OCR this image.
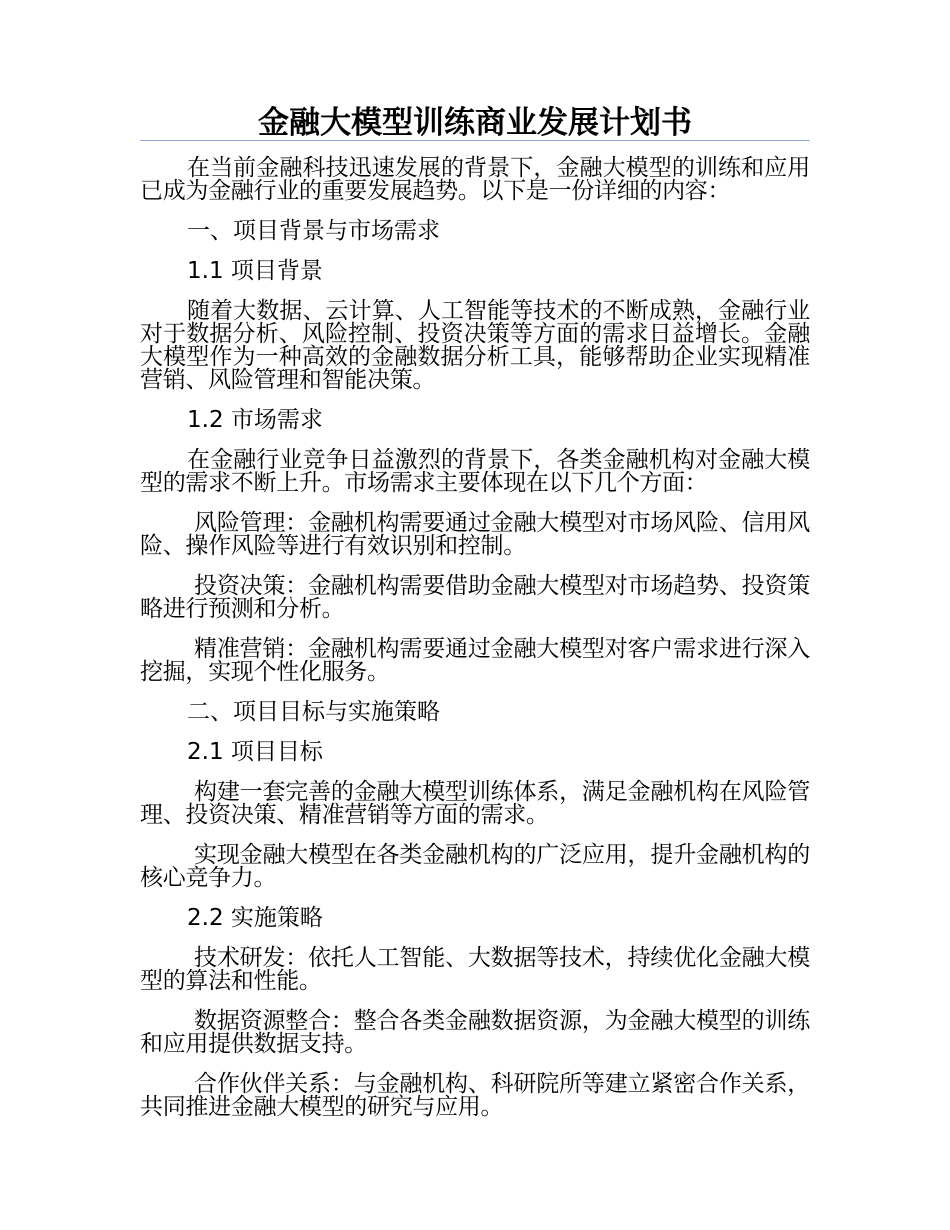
金融大模型训练商业发展计划书

在当前金融科技迅速发展的背景下，金融大模型的训练和应用已成为金融行业的重要发展趋势。以下是一份详细的内容：

一、项目背景与市场需求
1.1 项目背景

随着大数据、云计算、人工智能等技术的不断成熟，金融行业对于数据分析、风险控制、投资决策等方面的需求日益增长。金融大模型作为一种高效的金融数据分析工具，能够帮助企业实现精准营销、风险管理和智能决策。

1.2 市场需求

在金融行业竞争日益激烈的背景下，各类金融机构对金融大模型的需求不断上升。市场需求主要体现在以下几个方面：

风险管理：金融机构需要通过金融大模型对市场风险、信用风险、操作风险等进行有效识别和控制。

投资决策：金融机构需要借助金融大模型对市场趋势、投资策略进行预测和分析。

精准营销：金融机构需要通过金融大模型对客户需求进行深入挖掘，实现个性化服务。

二、项目目标与实施策略
2.1 项目目标

构建一套完善的金融大模型训练体系，满足金融机构在风险管理、投资决策、精准营销等方面的需求。

实现金融大模型在各类金融机构的广泛应用，提升金融机构的核心竞争力。

2.2 实施策略

技术研发：依托人工智能、大数据等技术，持续优化金融大模型的算法和性能。

数据资源整合：整合各类金融数据资源，为金融大模型的训练和应用提供数据支持。

合作伙伴关系：与金融机构、科研院所等建立紧密合作关系，共同推进金融大模型的研究与应用。
